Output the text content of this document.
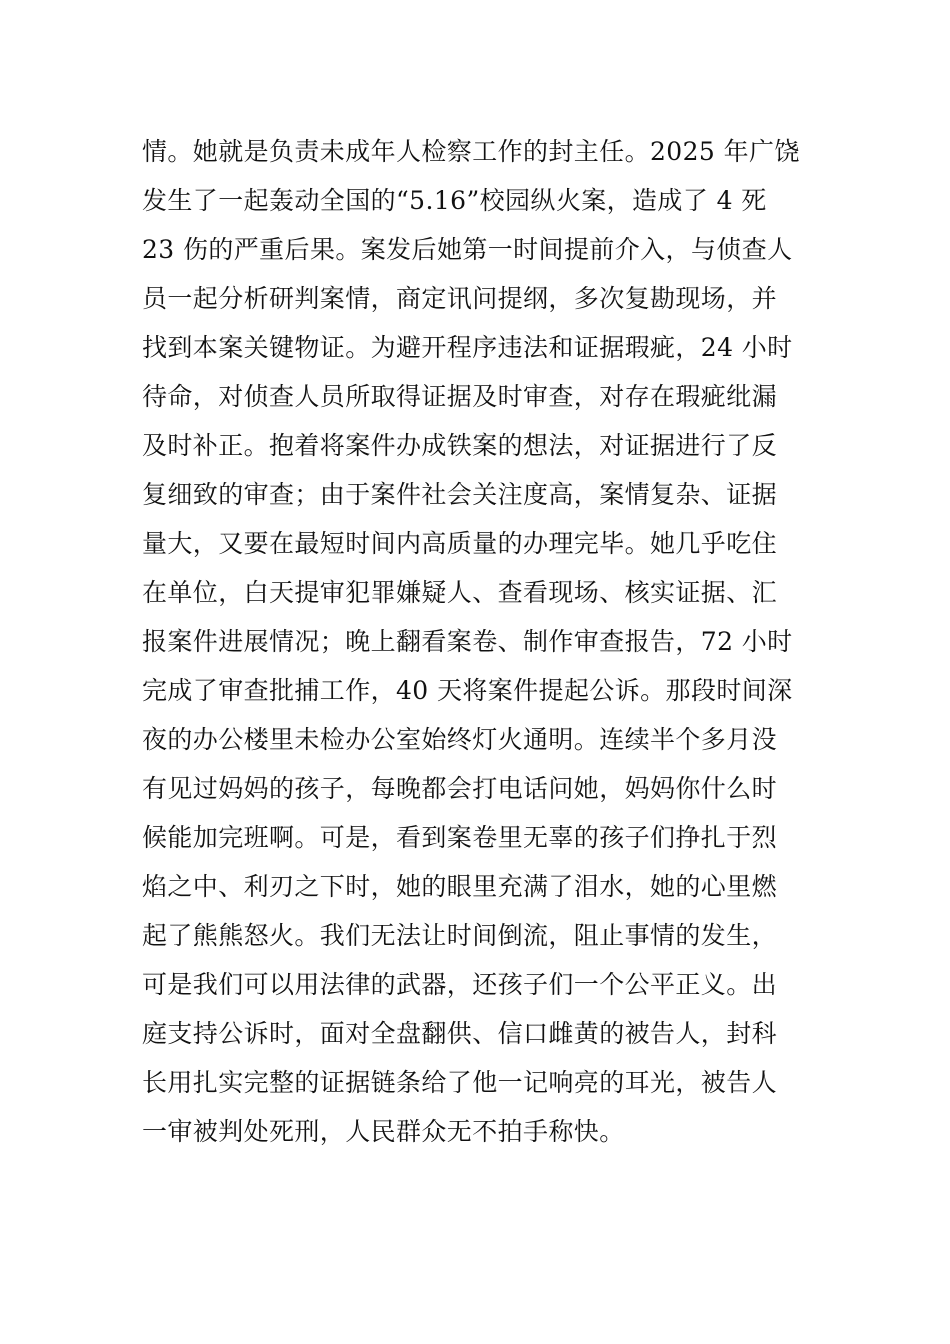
情。她就是负责未成年人检察工作的封主任。2025 年广饶
发生了一起轰动全国的“5.16”校园纵火案，造成了 4 死
23 伤的严重后果。案发后她第一时间提前介入，与侦查人
员一起分析研判案情，商定讯问提纲，多次复勘现场，并
找到本案关键物证。为避开程序违法和证据瑕疵，24 小时
待命，对侦查人员所取得证据及时审查，对存在瑕疵纰漏
及时补正。抱着将案件办成铁案的想法，对证据进行了反
复细致的审查；由于案件社会关注度高，案情复杂、证据
量大，又要在最短时间内高质量的办理完毕。她几乎吃住
在单位，白天提审犯罪嫌疑人、查看现场、核实证据、汇
报案件进展情况；晚上翻看案卷、制作审查报告，72 小时
完成了审查批捕工作，40 天将案件提起公诉。那段时间深
夜的办公楼里未检办公室始终灯火通明。连续半个多月没
有见过妈妈的孩子，每晚都会打电话问她，妈妈你什么时
候能加完班啊。可是，看到案卷里无辜的孩子们挣扎于烈
焰之中、利刃之下时，她的眼里充满了泪水，她的心里燃
起了熊熊怒火。我们无法让时间倒流，阻止事情的发生，
可是我们可以用法律的武器，还孩子们一个公平正义。出
庭支持公诉时，面对全盘翻供、信口雌黄的被告人，封科
长用扎实完整的证据链条给了他一记响亮的耳光，被告人
一审被判处死刑，人民群众无不拍手称快。
